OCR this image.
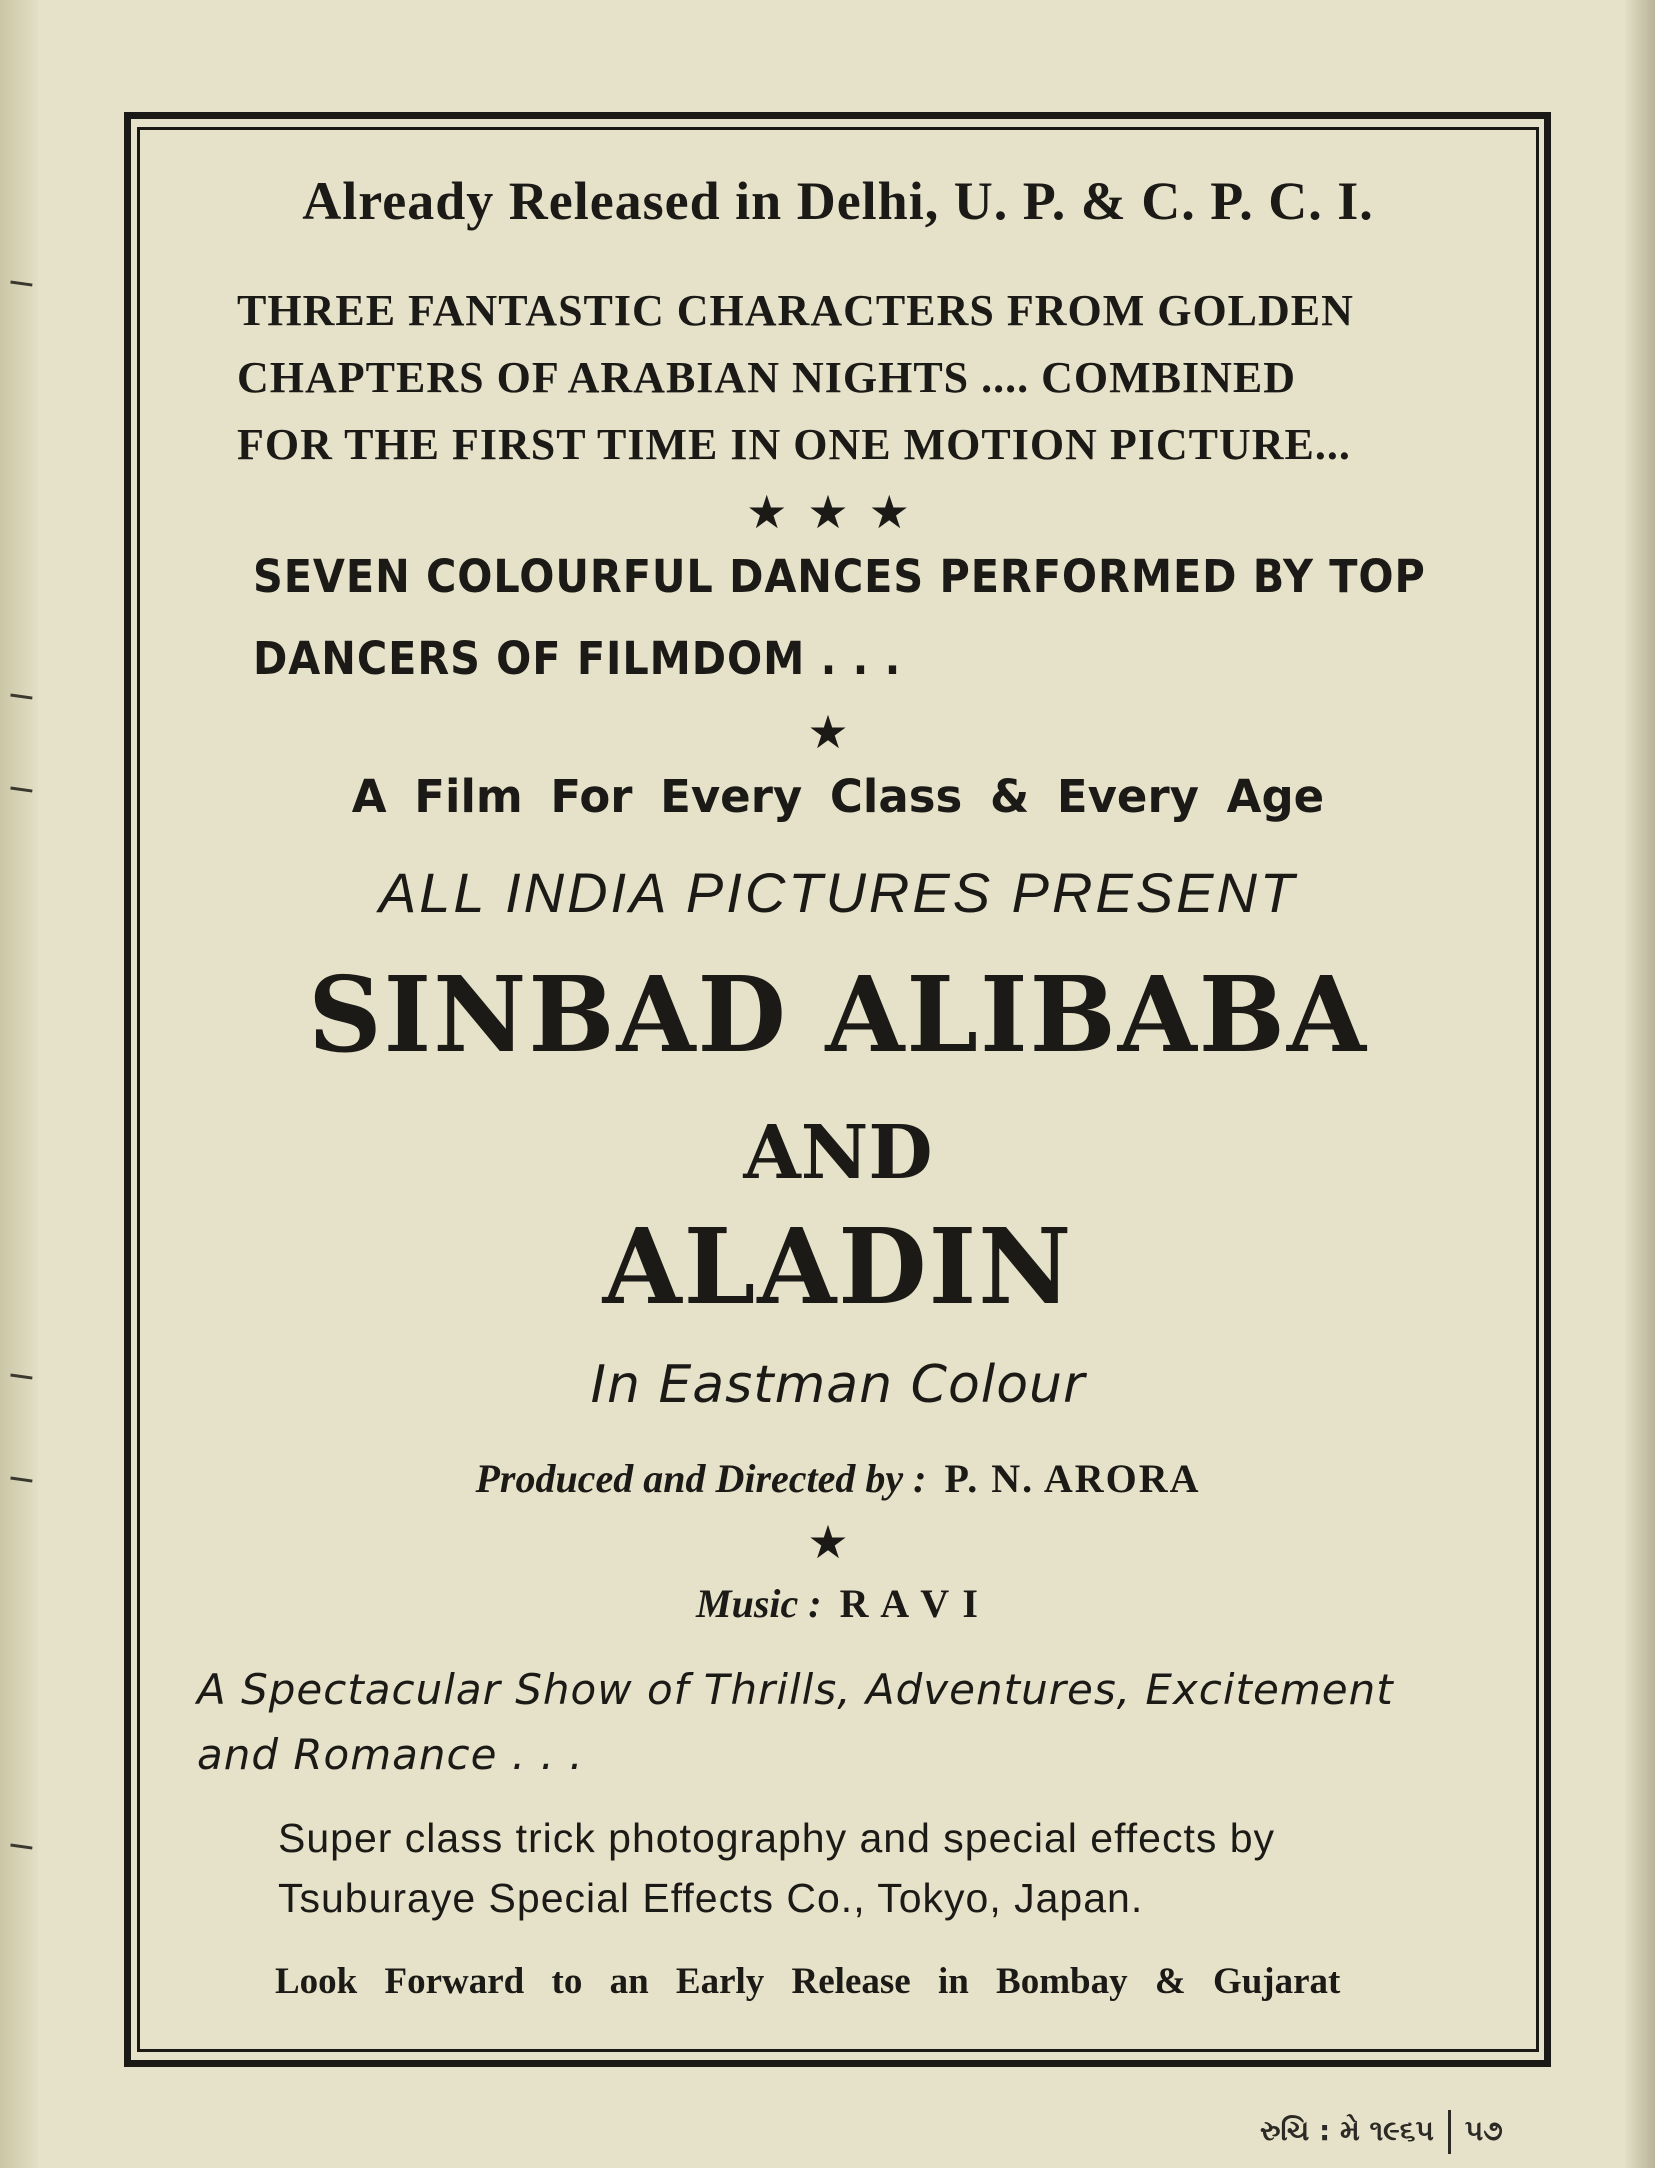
Already Released in Delhi, U. P. & C. P. C. I.
THREE FANTASTIC CHARACTERS FROM GOLDEN
CHAPTERS OF ARABIAN NIGHTS .... COMBINED
FOR THE FIRST TIME IN ONE MOTION PICTURE...
★★★
SEVEN COLOURFUL DANCES PERFORMED BY TOP
DANCERS OF FILMDOM . . .
★
A Film For Every Class & Every Age
ALL INDIA PICTURES PRESENT
SINBAD ALIBABA
AND
ALADIN
In Eastman Colour
Produced and Directed by : P. N. ARORA
★
Music : R A V I
A Spectacular Show of Thrills, Adventures, Excitement
and Romance . . .
Super class trick photography and special effects by
Tsuburaye Special Effects Co., Tokyo, Japan.
Look Forward to an Early Release in Bombay & Gujarat
રુચિ : મે ૧૯૬૫ ૫૭
